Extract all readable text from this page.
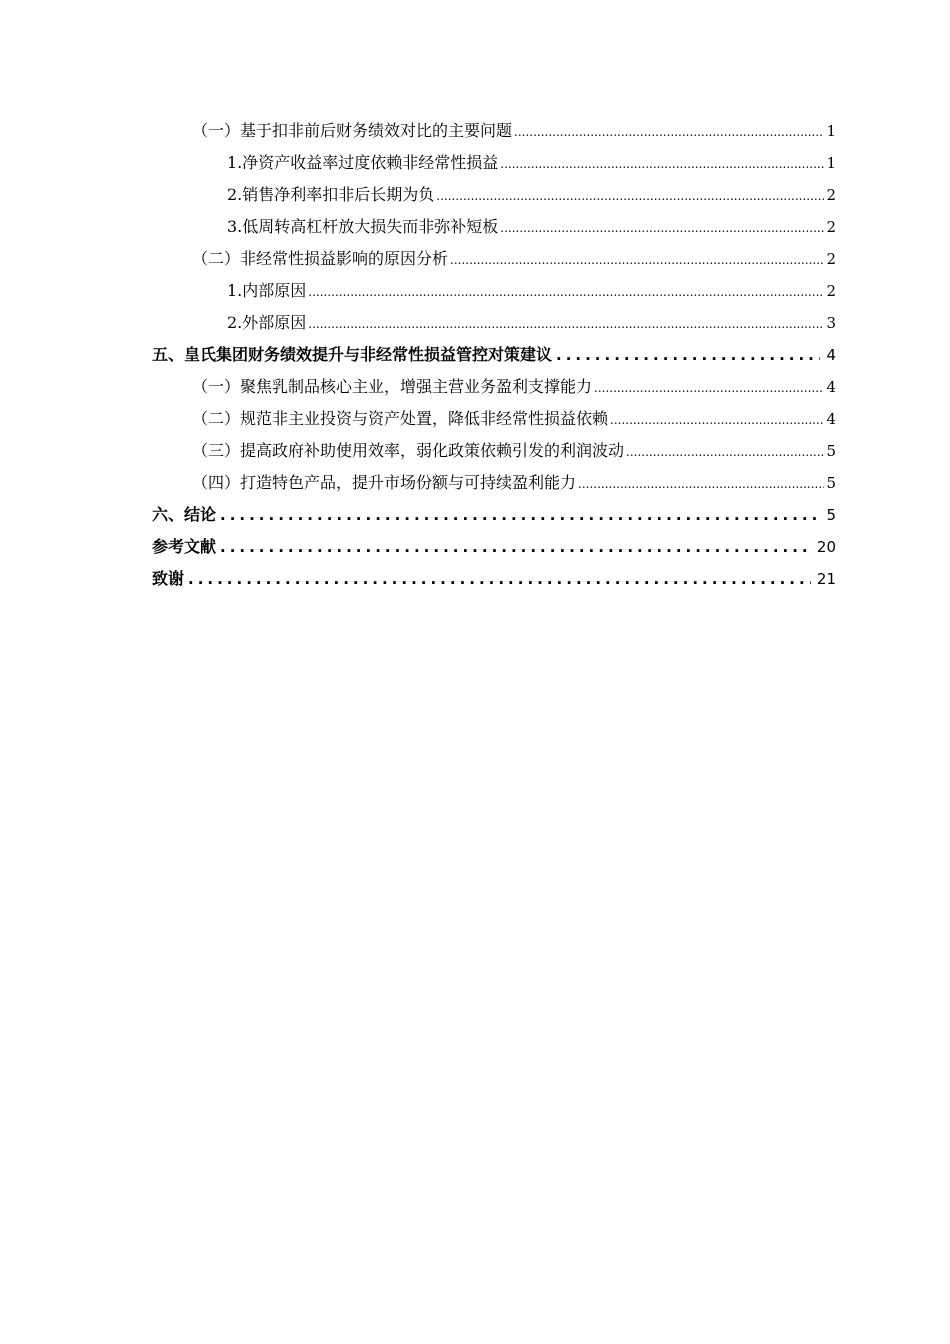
（一）基于扣非前后财务绩效对比的主要问题 .....	1
1.净资产收益率过度依赖非经常性损益 .....	1
2.销售净利率扣非后长期为负 .....	2
3.低周转高杠杆放大损失而非弥补短板 .....	2
（二）非经常性损益影响的原因分析 .....	2
1.内部原因 .....	2
2.外部原因 .....	3
五、皇氏集团财务绩效提升与非经常性损益管控对策建议 .....	4
（一）聚焦乳制品核心主业，增强主营业务盈利支撑能力 .....	4
（二）规范非主业投资与资产处置，降低非经常性损益依赖 .....	4
（三）提高政府补助使用效率，弱化政策依赖引发的利润波动 .....	5
（四）打造特色产品，提升市场份额与可持续盈利能力 .....	5
六、结论 .....	5
参考文献 .....	20
致谢 .....	21
